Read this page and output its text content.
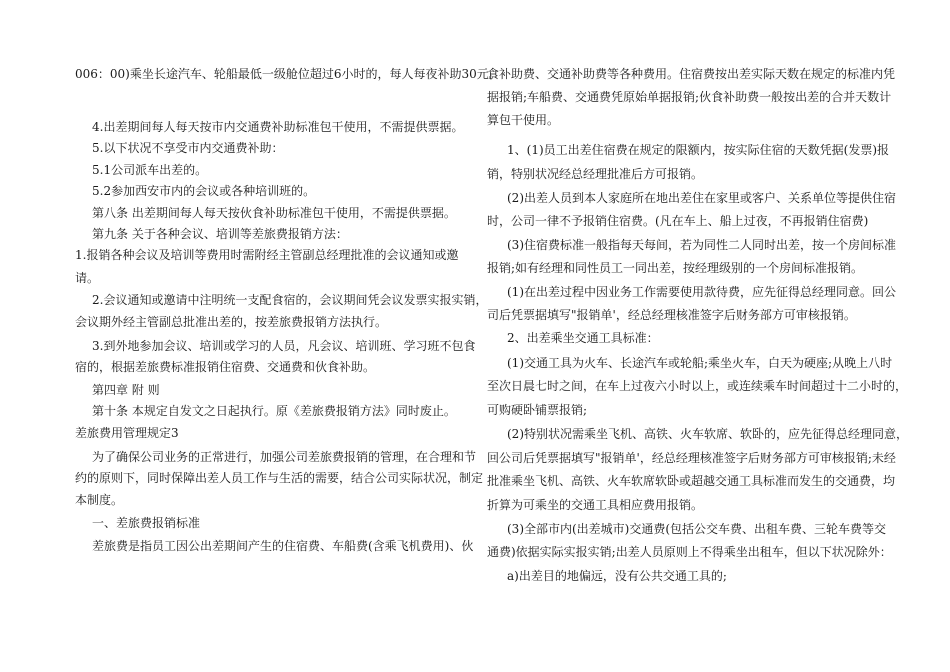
006：00)乘坐长途汽车、轮船最低一级舱位超过6小时的，每人每夜补助30元。
4.出差期间每人每天按市内交通费补助标准包干使用，不需提供票据。
5.以下状况不享受市内交通费补助：
5.1公司派车出差的。
5.2参加西安市内的会议或各种培训班的。
第八条 出差期间每人每天按伙食补助标准包干使用，不需提供票据。
第九条 关于各种会议、培训等差旅费报销方法：
1.报销各种会议及培训等费用时需附经主管副总经理批准的会议通知或邀
请。
2.会议通知或邀请中注明统一支配食宿的，会议期间凭会议发票实报实销，
会议期外经主管副总批准出差的，按差旅费报销方法执行。
3.到外地参加会议、培训或学习的人员，凡会议、培训班、学习班不包食
宿的，根据差旅费标准报销住宿费、交通费和伙食补助。
第四章 附 则
第十条 本规定自发文之日起执行。原《差旅费报销方法》同时废止。
差旅费用管理规定3
为了确保公司业务的正常进行，加强公司差旅费报销的管理，在合理和节
约的原则下，同时保障出差人员工作与生活的需要，结合公司实际状况，制定
本制度。
一、差旅费报销标准
差旅费是指员工因公出差期间产生的住宿费、车船费(含乘飞机费用)、伙
食补助费、交通补助费等各种费用。住宿费按出差实际天数在规定的标准内凭
据报销;车船费、交通费凭原始单据报销;伙食补助费一般按出差的合并天数计
算包干使用。
1、(1)员工出差住宿费在规定的限额内，按实际住宿的天数凭据(发票)报
销，特别状况经总经理批准后方可报销。
(2)出差人员到本人家庭所在地出差住在家里或客户、关系单位等提供住宿
时，公司一律不予报销住宿费。(凡在车上、船上过夜，不再报销住宿费)
(3)住宿费标准一般指每天每间，若为同性二人同时出差，按一个房间标准
报销;如有经理和同性员工一同出差，按经理级别的一个房间标准报销。
(1)在出差过程中因业务工作需要使用款待费，应先征得总经理同意。回公
司后凭票据填写"报销单'，经总经理核准签字后财务部方可审核报销。
2、出差乘坐交通工具标准：
(1)交通工具为火车、长途汽车或轮船;乘坐火车，白天为硬座;从晚上八时
至次日晨七时之间，在车上过夜六小时以上，或连续乘车时间超过十二小时的，
可购硬卧铺票报销;
(2)特别状况需乘坐飞机、高铁、火车软席、软卧的，应先征得总经理同意，
回公司后凭票据填写"报销单'，经总经理核准签字后财务部方可审核报销;未经
批准乘坐飞机、高铁、火车软席软卧或超越交通工具标准而发生的交通费，均
折算为可乘坐的交通工具相应费用报销。
(3)全部市内(出差城市)交通费(包括公交车费、出租车费、三轮车费等交
通费)依据实际实报实销;出差人员原则上不得乘坐出租车，但以下状况除外：
a)出差目的地偏远，没有公共交通工具的;
